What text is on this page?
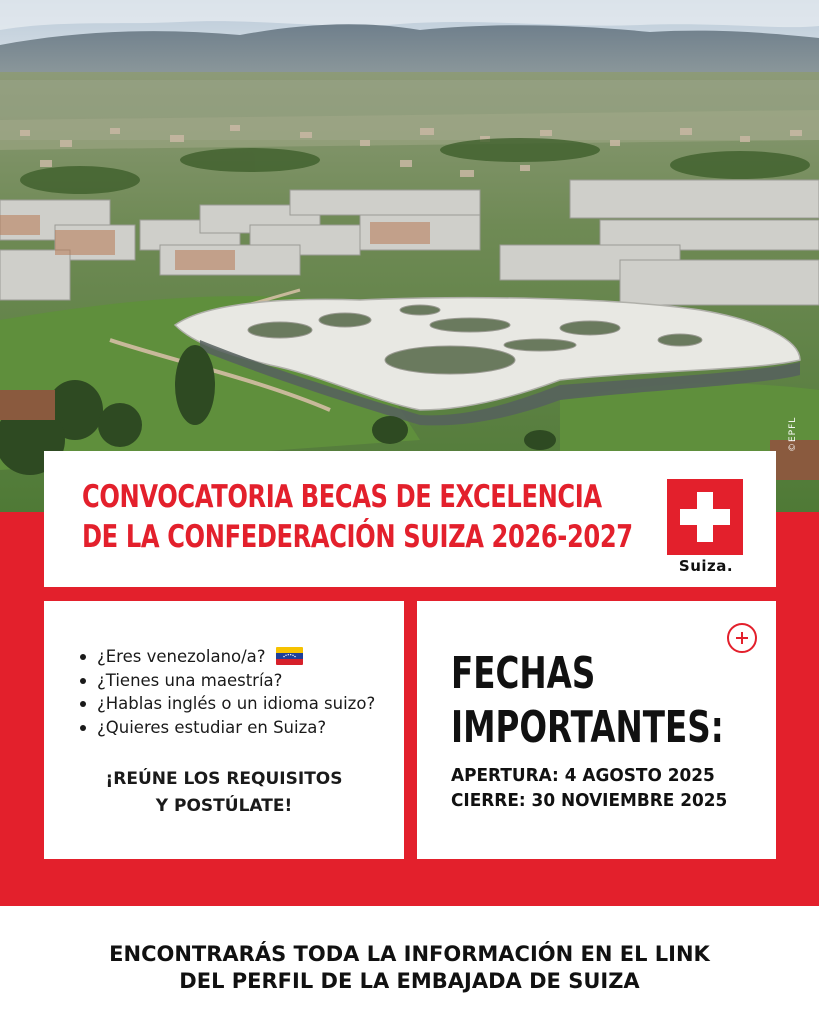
©EPFL
CONVOCATORIA BECAS DE EXCELENCIA
DE LA CONFEDERACIÓN SUIZA 2026-2027
Suiza.
¿Eres venezolano/a?
¿Tienes una maestría?
¿Hablas inglés o un idioma suizo?
¿Quieres estudiar en Suiza?
¡REÚNE LOS REQUISITOS
Y POSTÚLATE!
FECHAS
IMPORTANTES:
APERTURA: 4 AGOSTO 2025
CIERRE: 30 NOVIEMBRE 2025
ENCONTRARÁS TODA LA INFORMACIÓN EN EL LINK
DEL PERFIL DE LA EMBAJADA DE SUIZA
